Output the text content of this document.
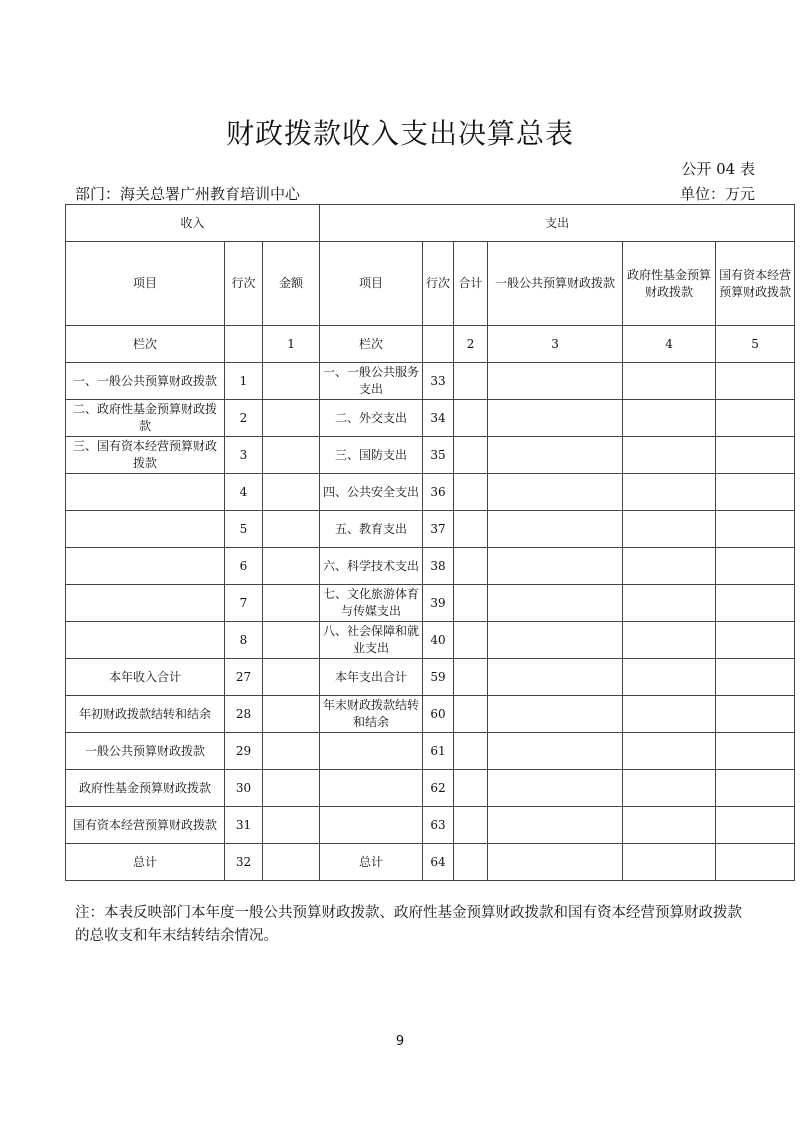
财政拨款收入支出决算总表
公开 04 表
部门：海关总署广州教育培训中心	单位：万元
收入			支出					
项目	行次	金额	项目	行次	合计	一般公共预算财政拨款	政府性基金预算财政拨款	国有资本经营预算财政拨款
栏次		1	栏次		2	3	4	5
一、一般公共预算财政拨款	1		一、一般公共服务支出	33				
二、政府性基金预算财政拨款	2		二、外交支出	34				
三、国有资本经营预算财政拨款	3		三、国防支出	35				
	4		四、公共安全支出	36				
	5		五、教育支出	37				
	6		六、科学技术支出	38				
	7		七、文化旅游体育与传媒支出	39				
	8		八、社会保障和就业支出	40				
本年收入合计	27		本年支出合计	59				
年初财政拨款结转和结余	28		年末财政拨款结转和结余	60				
一般公共预算财政拨款	29			61				
政府性基金预算财政拨款	30			62				
国有资本经营预算财政拨款	31			63				
总计	32		总计	64				
注：本表反映部门本年度一般公共预算财政拨款、政府性基金预算财政拨款和国有资本经营预算财政拨款的总收支和年末结转结余情况。
9
